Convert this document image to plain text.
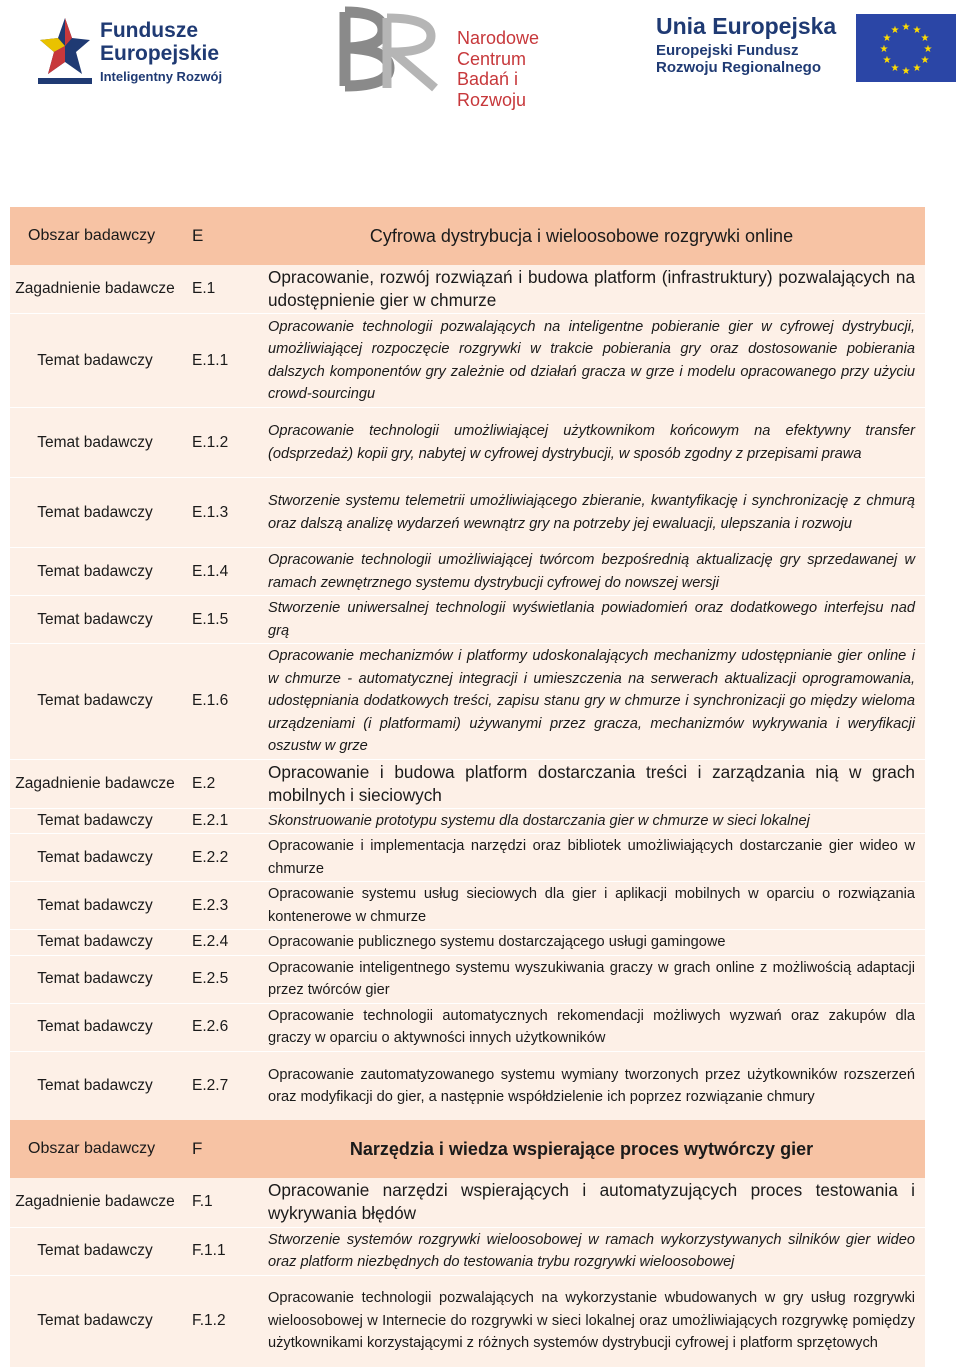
Fundusze
Europejskie
Inteligentny Rozwój
Narodowe Centrum
Badań i Rozwoju
Unia Europejska
Europejski Fundusz
Rozwoju Regionalnego
★ ★
★
★
★
★
★
★
★
★
★
★
Obszar badawczy	E	Cyfrowa dystrybucja i wieloosobowe rozgrywki online
Zagadnienie badawcze	E.1	Opracowanie, rozwój rozwiązań i budowa platform (infrastruktury) pozwalających na udostępnienie gier w chmurze
Temat badawczy	E.1.1	Opracowanie technologii pozwalających na inteligentne pobieranie gier w cyfrowej dystrybucji, umożliwiającej rozpoczęcie rozgrywki w trakcie pobierania gry oraz dostosowanie pobierania dalszych komponentów gry zależnie od działań gracza w grze i modelu opracowanego przy użyciu crowd-sourcingu
Temat badawczy	E.1.2	Opracowanie technologii umożliwiającej użytkownikom końcowym na efektywny transfer (odsprzedaż) kopii gry, nabytej w cyfrowej dystrybucji, w sposób zgodny z przepisami prawa
Temat badawczy	E.1.3	Stworzenie systemu telemetrii umożliwiającego zbieranie, kwantyfikację i synchronizację z chmurą oraz dalszą analizę wydarzeń wewnątrz gry na potrzeby jej ewaluacji, ulepszania i rozwoju
Temat badawczy	E.1.4	Opracowanie technologii umożliwiającej twórcom bezpośrednią aktualizację gry sprzedawanej w ramach zewnętrznego systemu dystrybucji cyfrowej do nowszej wersji
Temat badawczy	E.1.5	Stworzenie uniwersalnej technologii wyświetlania powiadomień oraz dodatkowego interfejsu nad grą
Temat badawczy	E.1.6	Opracowanie mechanizmów i platformy udoskonalających mechanizmy udostępnianie gier online i w chmurze - automatycznej integracji i umieszczenia na serwerach aktualizacji oprogramowania, udostępniania dodatkowych treści, zapisu stanu gry w chmurze i synchronizacji go między wieloma urządzeniami (i platformami) używanymi przez gracza, mechanizmów wykrywania i weryfikacji oszustw w grze
Zagadnienie badawcze	E.2	Opracowanie i budowa platform dostarczania treści i zarządzania nią w grach mobilnych i sieciowych
Temat badawczy	E.2.1	Skonstruowanie prototypu systemu dla dostarczania gier w chmurze w sieci lokalnej
Temat badawczy	E.2.2	Opracowanie i implementacja narzędzi oraz bibliotek umożliwiających dostarczanie gier wideo w chmurze
Temat badawczy	E.2.3	Opracowanie systemu usług sieciowych dla gier i aplikacji mobilnych w oparciu o rozwiązania kontenerowe w chmurze
Temat badawczy	E.2.4	Opracowanie publicznego systemu dostarczającego usługi gamingowe
Temat badawczy	E.2.5	Opracowanie inteligentnego systemu wyszukiwania graczy w grach online z możliwością adaptacji przez twórców gier
Temat badawczy	E.2.6	Opracowanie technologii automatycznych rekomendacji możliwych wyzwań oraz zakupów dla graczy w oparciu o aktywności innych użytkowników
Temat badawczy	E.2.7	Opracowanie zautomatyzowanego systemu wymiany tworzonych przez użytkowników rozszerzeń oraz modyfikacji do gier, a następnie współdzielenie ich poprzez rozwiązanie chmury
Obszar badawczy	F	Narzędzia i wiedza wspierające proces wytwórczy gier
Zagadnienie badawcze	F.1	Opracowanie narzędzi wspierających i automatyzujących proces testowania i wykrywania błędów
Temat badawczy	F.1.1	Stworzenie systemów rozgrywki wieloosobowej w ramach wykorzystywanych silników gier wideo oraz platform niezbędnych do testowania trybu rozgrywki wieloosobowej
Temat badawczy	F.1.2	Opracowanie technologii pozwalających na wykorzystanie wbudowanych w gry usług rozgrywki wieloosobowej w Internecie do rozgrywki w sieci lokalnej oraz umożliwiających rozgrywkę pomiędzy użytkownikami korzystającymi z różnych systemów dystrybucji cyfrowej i platform sprzętowych
